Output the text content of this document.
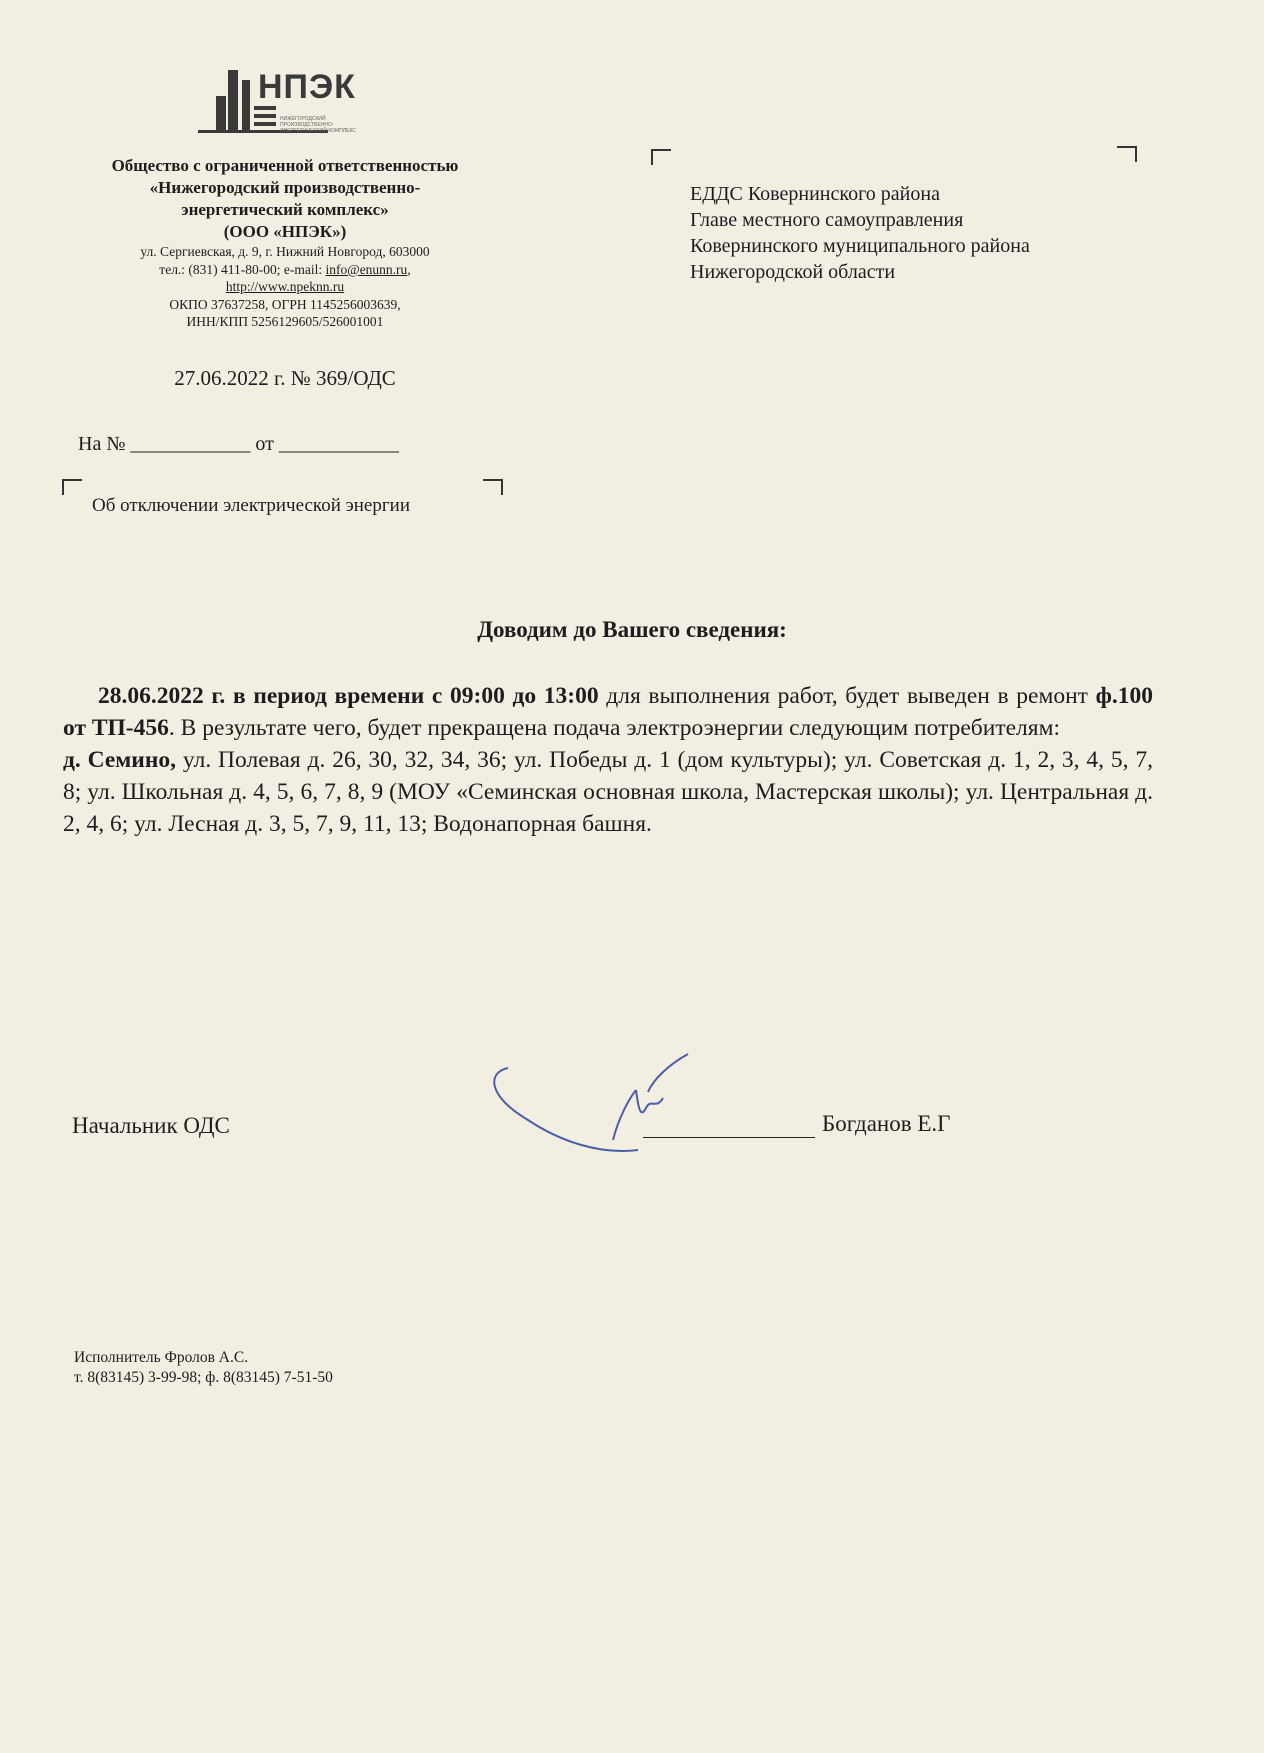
НПЭК
НИЖЕГОРОДСКИЙ ПРОИЗВОДСТВЕННО-ЭНЕРГЕТИЧЕСКИЙ КОМПЛЕКС
Общество с ограниченной ответственностью
«Нижегородский производственно-
энергетический комплекс»
(ООО «НПЭК»)
ул. Сергиевская, д. 9, г. Нижний Новгород, 603000
тел.: (831) 411-80-00; e-mail: info@enunn.ru,
http://www.npeknn.ru
ОКПО 37637258, ОГРН 1145256003639,
ИНН/КПП 5256129605/526001001
27.06.2022 г. № 369/ОДС
На № ____________ от ____________
Об отключении электрической энергии
ЕДДС Ковернинского района
Главе местного самоуправления
Ковернинского муниципального района
Нижегородской области
Доводим до Вашего сведения:

28.06.2022 г. в период времени с 09:00 до 13:00 для выполнения работ, будет выведен в ремонт ф.100 от ТП-456. В результате чего, будет прекращена подача электроэнергии следующим потребителям:

д. Семино, ул. Полевая д. 26, 30, 32, 34, 36; ул. Победы д. 1 (дом культуры); ул. Советская д. 1, 2, 3, 4, 5, 7, 8; ул. Школьная д. 4, 5, 6, 7, 8, 9 (МОУ «Семинская основная школа, Мастерская школы); ул. Центральная д. 2, 4, 6; ул. Лесная д. 3, 5, 7, 9, 11, 13; Водонапорная башня.

Начальник ОДС	Богданов Е.Г
Исполнитель Фролов А.С.
т. 8(83145) 3-99-98; ф. 8(83145) 7-51-50
